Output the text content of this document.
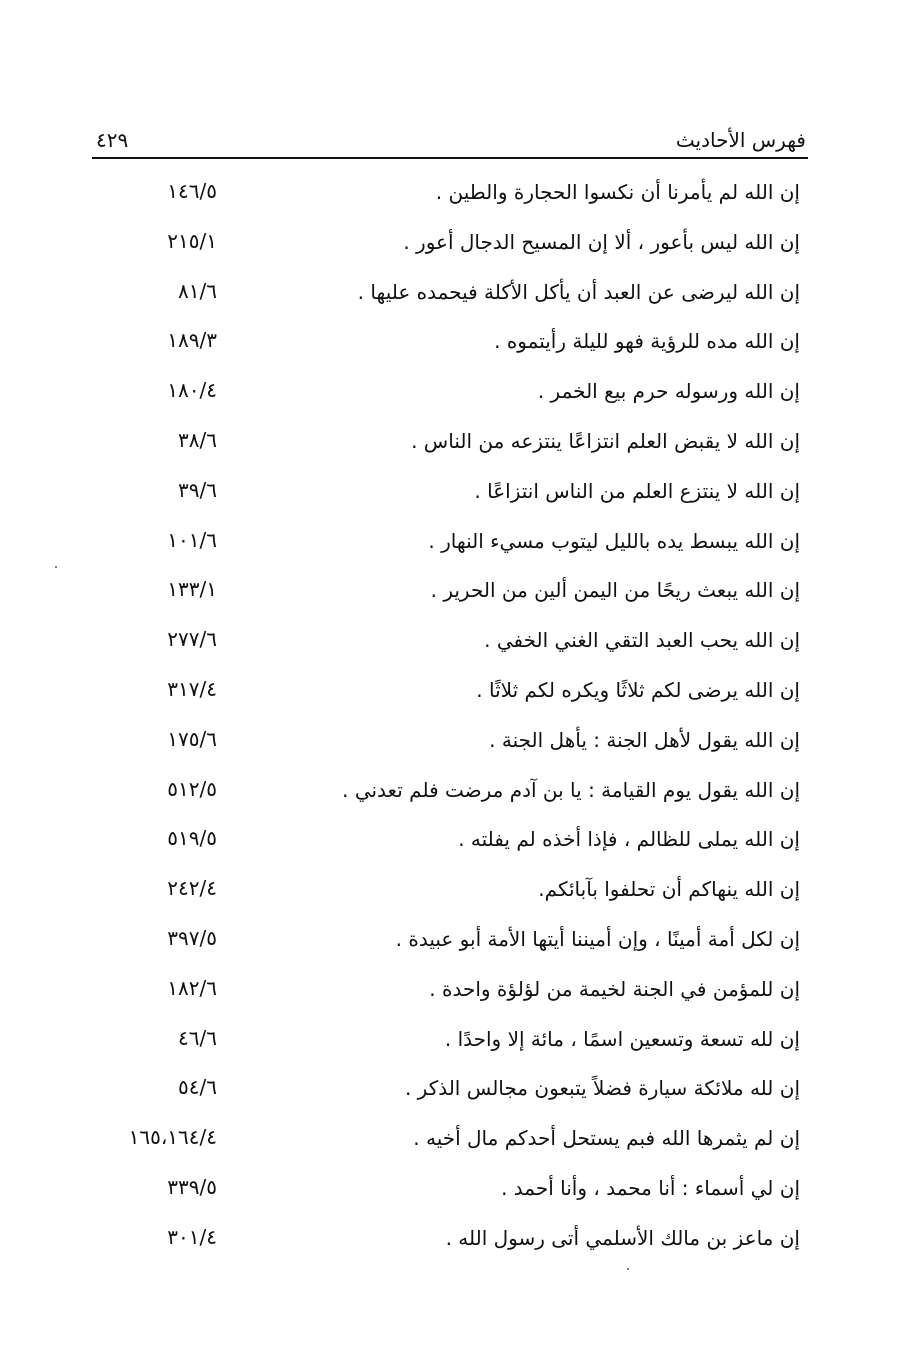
فهرس الأحاديث
٤٢٩
إن الله لم يأمرنا أن نكسوا الحجارة والطين .
١٤٦/٥
إن الله ليس بأعور ، ألا إن المسيح الدجال أعور .
٢١٥/١
إن الله ليرضى عن العبد أن يأكل الأكلة فيحمده عليها .
٨١/٦
إن الله مده للرؤية فهو لليلة رأيتموه .
١٨٩/٣
إن الله ورسوله حرم بيع الخمر .
١٨٠/٤
إن الله لا يقبض العلم انتزاعًا ينتزعه من الناس .
٣٨/٦
إن الله لا ينتزع العلم من الناس انتزاعًا .
٣٩/٦
إن الله يبسط يده بالليل ليتوب مسيء النهار .
١٠١/٦
إن الله يبعث ريحًا من اليمن ألين من الحرير .
١٣٣/١
إن الله يحب العبد التقي الغني الخفي .
٢٧٧/٦
إن الله يرضى لكم ثلاثًا ويكره لكم ثلاثًا .
٣١٧/٤
إن الله يقول لأهل الجنة : يأهل الجنة .
١٧٥/٦
إن الله يقول يوم القيامة : يا بن آدم مرضت فلم تعدني .
٥١٢/٥
إن الله يملى للظالم ، فإذا أخذه لم يفلته .
٥١٩/٥
إن الله ينهاكم أن تحلفوا بآبائكم.
٢٤٢/٤
إن لكل أمة أمينًا ، وإن أميننا أيتها الأمة أبو عبيدة .
٣٩٧/٥
إن للمؤمن في الجنة لخيمة من لؤلؤة واحدة .
١٨٢/٦
إن لله تسعة وتسعين اسمًا ، مائة إلا واحدًا .
٤٦/٦
إن لله ملائكة سيارة فضلاً يتبعون مجالس الذكر .
٥٤/٦
إن لم يثمرها الله فبم يستحل أحدكم مال أخيه .
١٦٥،١٦٤/٤
إن لي أسماء : أنا محمد ، وأنا أحمد .
٣٣٩/٥
إن ماعز بن مالك الأسلمي أتى رسول الله .
٣٠١/٤
